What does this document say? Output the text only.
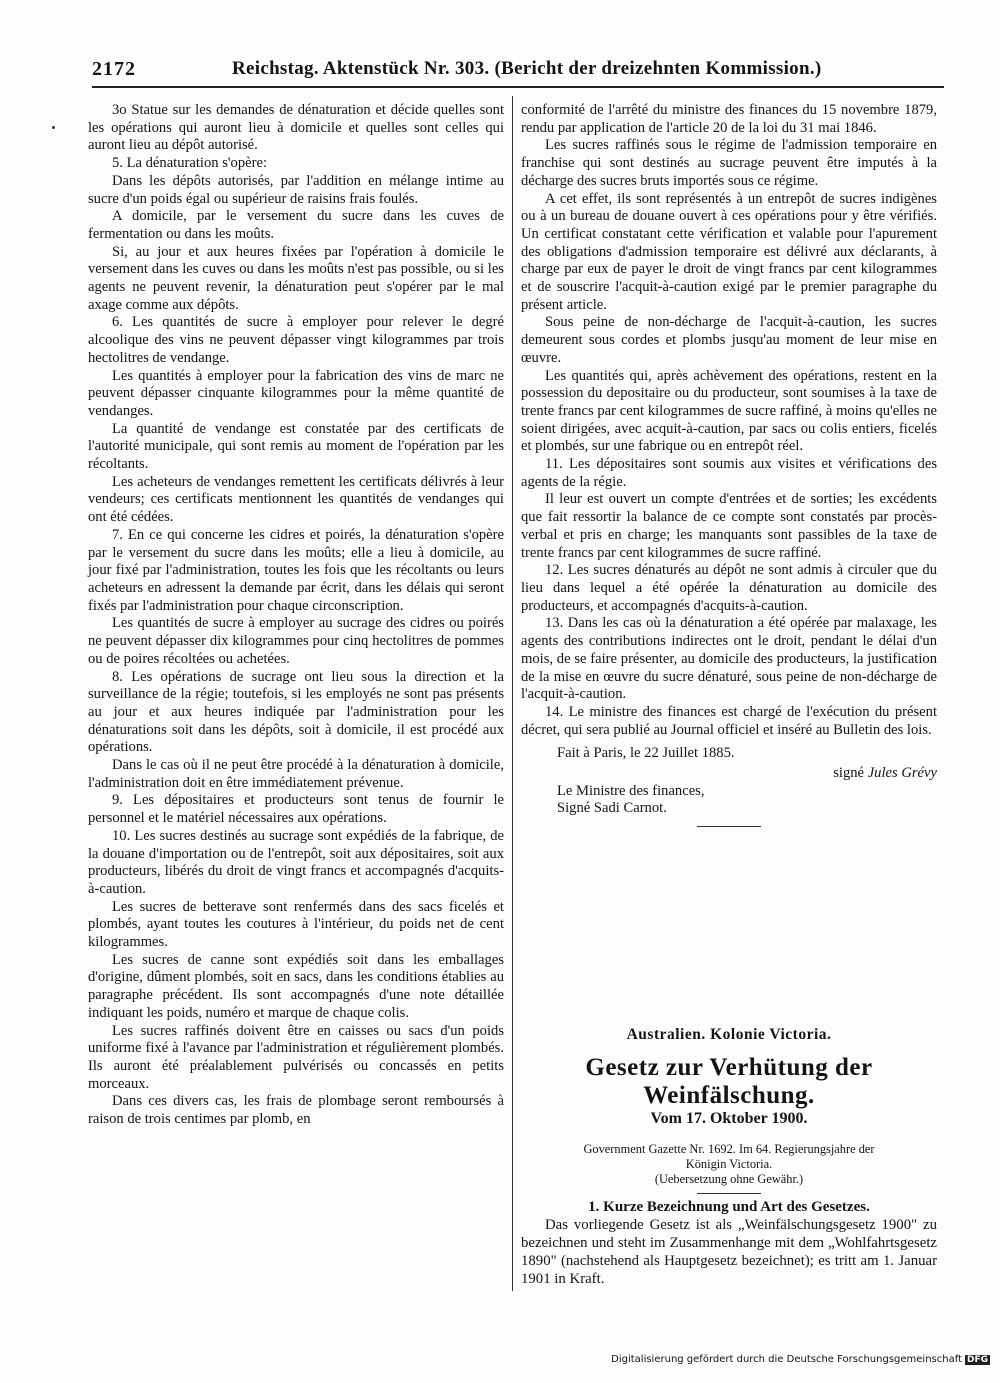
2172	Reichstag. Aktenstück Nr. 303. (Bericht der dreizehnten Kommission.)

3o Statue sur les demandes de dénaturation et décide quelles sont les opérations qui auront lieu à domicile et quelles sont celles qui auront lieu au dépôt autorisé.

5. La dénaturation s'opère:

Dans les dépôts autorisés, par l'addition en mélange intime au sucre d'un poids égal ou supérieur de raisins frais foulés.

A domicile, par le versement du sucre dans les cuves de fermentation ou dans les moûts.

Si, au jour et aux heures fixées par l'opération à domicile le versement dans les cuves ou dans les moûts n'est pas possible, ou si les agents ne peuvent revenir, la dénaturation peut s'opérer par le mal axage comme aux dépôts.

6. Les quantités de sucre à employer pour relever le degré alcoolique des vins ne peuvent dépasser vingt kilogrammes par trois hectolitres de vendange.

Les quantités à employer pour la fabrication des vins de marc ne peuvent dépasser cinquante kilogrammes pour la même quantité de vendanges.

La quantité de vendange est constatée par des certificats de l'autorité municipale, qui sont remis au moment de l'opération par les récoltants.

Les acheteurs de vendanges remettent les certificats délivrés à leur vendeurs; ces certificats mentionnent les quantités de vendanges qui ont été cédées.

7. En ce qui concerne les cidres et poirés, la dénaturation s'opère par le versement du sucre dans les moûts; elle a lieu à domicile, au jour fixé par l'administration, toutes les fois que les récoltants ou leurs acheteurs en adressent la demande par écrit, dans les délais qui seront fixés par l'administration pour chaque circonscription.

Les quantités de sucre à employer au sucrage des cidres ou poirés ne peuvent dépasser dix kilogrammes pour cinq hectolitres de pommes ou de poires récoltées ou achetées.

8. Les opérations de sucrage ont lieu sous la direction et la surveillance de la régie; toutefois, si les employés ne sont pas présents au jour et aux heures indiquée par l'administration pour les dénaturations soit dans les dépôts, soit à domicile, il est procédé aux opérations.

Dans le cas où il ne peut être procédé à la dénaturation à domicile, l'administration doit en être immédiatement prévenue.

9. Les dépositaires et producteurs sont tenus de fournir le personnel et le matériel nécessaires aux opérations.

10. Les sucres destinés au sucrage sont expédiés de la fabrique, de la douane d'importation ou de l'entrepôt, soit aux dépositaires, soit aux producteurs, libérés du droit de vingt francs et accompagnés d'acquits-à-caution.

Les sucres de betterave sont renfermés dans des sacs ficelés et plombés, ayant toutes les coutures à l'intérieur, du poids net de cent kilogrammes.

Les sucres de canne sont expédiés soit dans les emballages d'origine, dûment plombés, soit en sacs, dans les conditions établies au paragraphe précédent. Ils sont accompagnés d'une note détaillée indiquant les poids, numéro et marque de chaque colis.

Les sucres raffinés doivent être en caisses ou sacs d'un poids uniforme fixé à l'avance par l'administration et régulièrement plombés. Ils auront été préalablement pulvérisés ou concassés en petits morceaux.

Dans ces divers cas, les frais de plombage seront remboursés à raison de trois centimes par plomb, en

conformité de l'arrêté du ministre des finances du 15 novembre 1879, rendu par application de l'article 20 de la loi du 31 mai 1846.

Les sucres raffinés sous le régime de l'admission temporaire en franchise qui sont destinés au sucrage peuvent être imputés à la décharge des sucres bruts importés sous ce régime.

A cet effet, ils sont représentés à un entrepôt de sucres indigènes ou à un bureau de douane ouvert à ces opérations pour y être vérifiés. Un certificat constatant cette vérification et valable pour l'apurement des obligations d'admission temporaire est délivré aux déclarants, à charge par eux de payer le droit de vingt francs par cent kilogrammes et de souscrire l'acquit-à-caution exigé par le premier paragraphe du présent article.

Sous peine de non-décharge de l'acquit-à-caution, les sucres demeurent sous cordes et plombs jusqu'au moment de leur mise en œuvre.

Les quantités qui, après achèvement des opérations, restent en la possession du depositaire ou du producteur, sont soumises à la taxe de trente francs par cent kilogrammes de sucre raffiné, à moins qu'elles ne soient dirigées, avec acquit-à-caution, par sacs ou colis entiers, ficelés et plombés, sur une fabrique ou en entrepôt réel.

11. Les dépositaires sont soumis aux visites et vérifications des agents de la régie.

Il leur est ouvert un compte d'entrées et de sorties; les excédents que fait ressortir la balance de ce compte sont constatés par procès-verbal et pris en charge; les manquants sont passibles de la taxe de trente francs par cent kilogrammes de sucre raffiné.

12. Les sucres dénaturés au dépôt ne sont admis à circuler que du lieu dans lequel a été opérée la dénaturation au domicile des producteurs, et accompagnés d'acquits-à-caution.

13. Dans les cas où la dénaturation a été opérée par malaxage, les agents des contributions indirectes ont le droit, pendant le délai d'un mois, de se faire présenter, au domicile des producteurs, la justification de la mise en œuvre du sucre dénaturé, sous peine de non-décharge de l'acquit-à-caution.

14. Le ministre des finances est chargé de l'exécution du présent décret, qui sera publié au Journal officiel et inséré au Bulletin des lois.

Fait à Paris, le 22 Juillet 1885.

signé Jules Grévy

Le Ministre des finances,

Signé Sadi Carnot.

Australien. Kolonie Victoria.
Gesetz zur Verhütung der Weinfälschung.
Vom 17. Oktober 1900.
Government Gazette Nr. 1692. Im 64. Regierungsjahre der
Königin Victoria.
(Uebersetzung ohne Gewähr.)
1. Kurze Bezeichnung und Art des Gesetzes.

Das vorliegende Gesetz ist als „Weinfälschungsgesetz 1900" zu bezeichnen und steht im Zusammenhange mit dem „Wohlfahrtsgesetz 1890" (nachstehend als Hauptgesetz bezeichnet); es tritt am 1. Januar 1901 in Kraft.

Digitalisierung gefördert durch die Deutsche Forschungsgemeinschaft DFG
